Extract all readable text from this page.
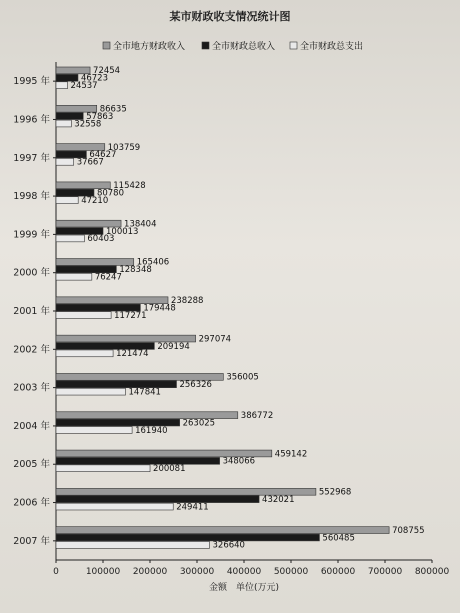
某市财政收支情况统计图
0	100000 200000 300000 400000 500000 600000 700000 800000
金额　单位(万元)
1995 年
72454
46723
24537
1996 年
86635
57863
32558
1997 年
103759
64627
37667
1998 年
115428
80780
47210
1999 年
138404
100013
60403
2000 年
165406
128348
76247
2001 年
238288
179448
117271
2002 年
297074
209194
121474
2003 年
356005
256326
147841
2004 年
386772
263025
161940
2005 年
459142
348066
200081
2006 年
552968
432021
249411
2007 年
708755
560485
326640
全市地方财政收入	全市财政总收入	全市财政总支出
